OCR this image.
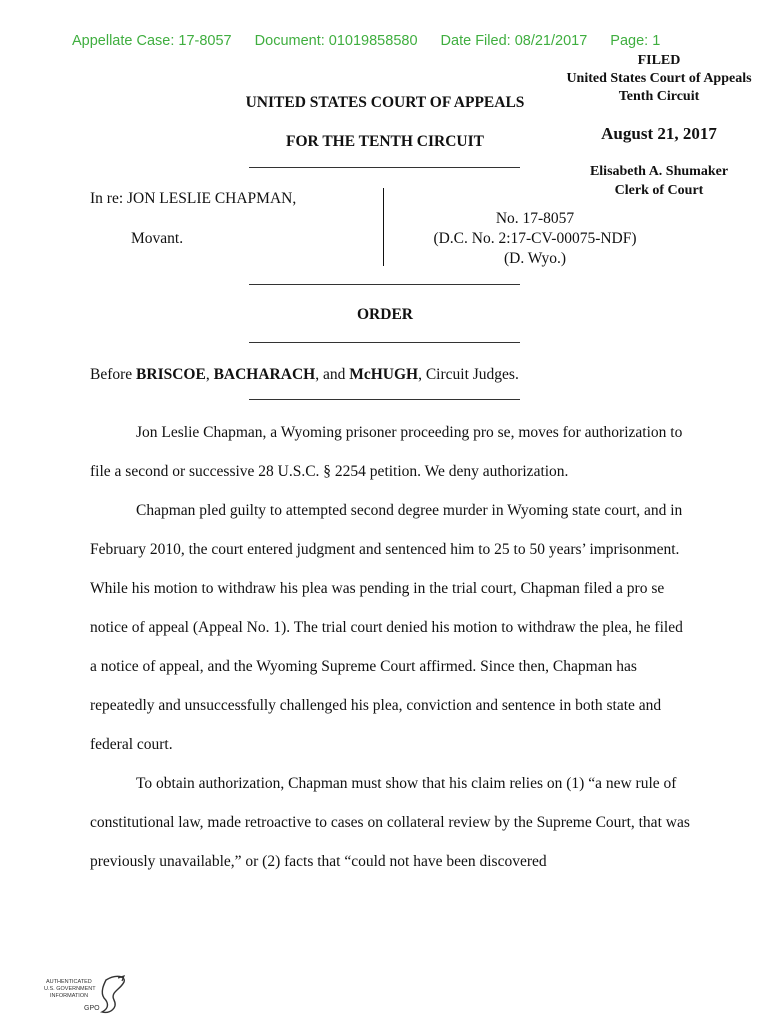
Appellate Case: 17-8057 Document: 01019858580 Date Filed: 08/21/2017 Page: 1
FILED
United States Court of Appeals
Tenth Circuit
August 21, 2017
Elisabeth A. Shumaker
Clerk of Court
UNITED STATES COURT OF APPEALS
FOR THE TENTH CIRCUIT
In re: JON LESLIE CHAPMAN,
Movant.
No. 17-8057
(D.C. No. 2:17-CV-00075-NDF)
(D. Wyo.)
ORDER
Before BRISCOE, BACHARACH, and McHUGH, Circuit Judges.

Jon Leslie Chapman, a Wyoming prisoner proceeding pro se, moves for authorization to file a second or successive 28 U.S.C. § 2254 petition. We deny authorization.

Chapman pled guilty to attempted second degree murder in Wyoming state court, and in February 2010, the court entered judgment and sentenced him to 25 to 50 years’ imprisonment. While his motion to withdraw his plea was pending in the trial court, Chapman filed a pro se notice of appeal (Appeal No. 1). The trial court denied his motion to withdraw the plea, he filed a notice of appeal, and the Wyoming Supreme Court affirmed. Since then, Chapman has repeatedly and unsuccessfully challenged his plea, conviction and sentence in both state and federal court.

To obtain authorization, Chapman must show that his claim relies on (1) “a new rule of constitutional law, made retroactive to cases on collateral review by the Supreme Court, that was previously unavailable,” or (2) facts that “could not have been discovered

AUTHENTICATED
U.S. GOVERNMENT
INFORMATION
GPO
